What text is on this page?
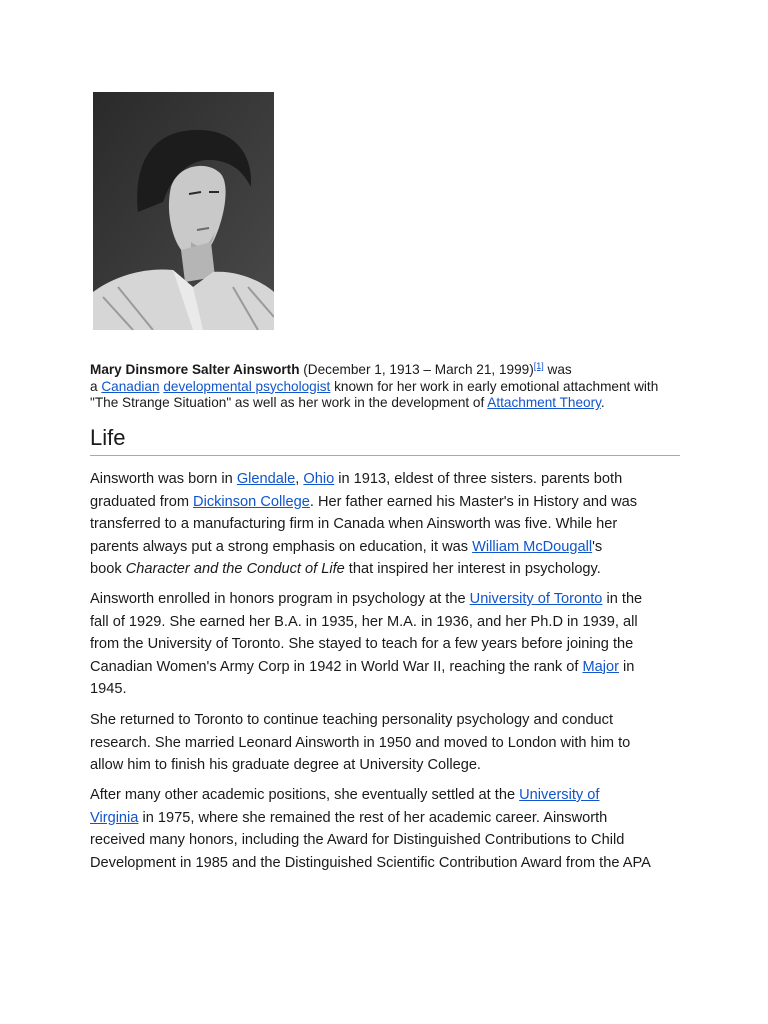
Mary Dinsmore Salter Ainsworth (December 1, 1913 – March 21, 1999)[1] was
a Canadian developmental psychologist known for her work in early emotional attachment with
"The Strange Situation" as well as her work in the development of Attachment Theory.
Life
Ainsworth was born in Glendale, Ohio in 1913, eldest of three sisters. parents both
graduated from Dickinson College. Her father earned his Master's in History and was
transferred to a manufacturing firm in Canada when Ainsworth was five. While her
parents always put a strong emphasis on education, it was William McDougall's
book Character and the Conduct of Life that inspired her interest in psychology.
Ainsworth enrolled in honors program in psychology at the University of Toronto in the
fall of 1929. She earned her B.A. in 1935, her M.A. in 1936, and her Ph.D in 1939, all
from the University of Toronto. She stayed to teach for a few years before joining the
Canadian Women's Army Corp in 1942 in World War II, reaching the rank of Major in
1945.
She returned to Toronto to continue teaching personality psychology and conduct
research. She married Leonard Ainsworth in 1950 and moved to London with him to
allow him to finish his graduate degree at University College.
After many other academic positions, she eventually settled at the University of
Virginia in 1975, where she remained the rest of her academic career. Ainsworth
received many honors, including the Award for Distinguished Contributions to Child
Development in 1985 and the Distinguished Scientific Contribution Award from the APA
